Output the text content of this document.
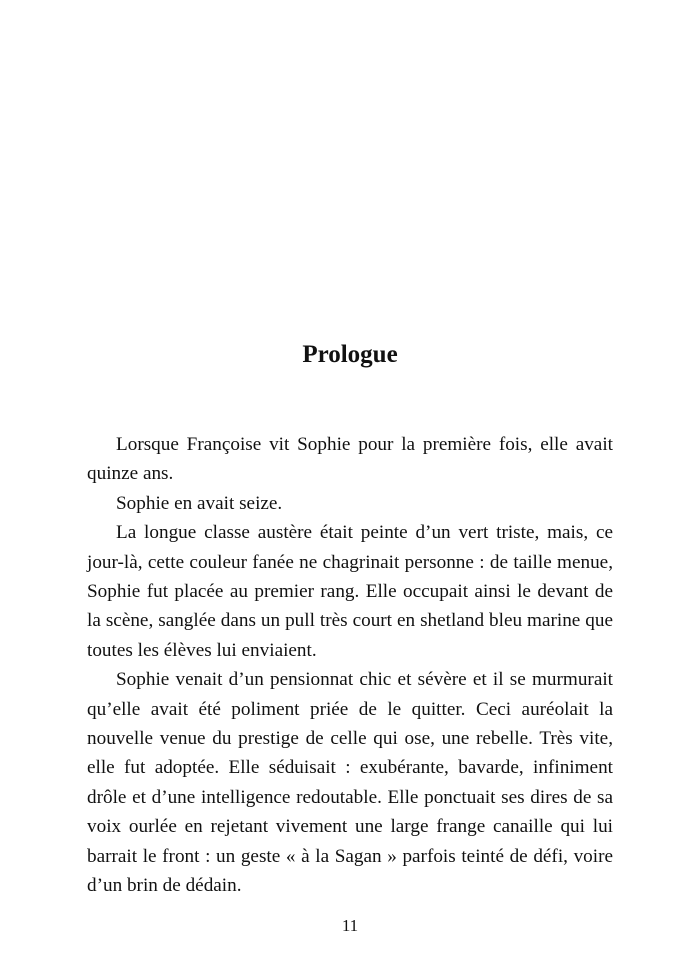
Prologue

Lorsque Françoise vit Sophie pour la première fois, elle avait quinze ans.

Sophie en avait seize.

La longue classe austère était peinte d’un vert triste, mais, ce jour-là, cette couleur fanée ne chagrinait personne : de taille menue, Sophie fut placée au premier rang. Elle occupait ainsi le devant de la scène, sanglée dans un pull très court en shetland bleu marine que toutes les élèves lui enviaient.

Sophie venait d’un pensionnat chic et sévère et il se murmurait qu’elle avait été poliment priée de le quitter. Ceci auréolait la nouvelle venue du prestige de celle qui ose, une rebelle. Très vite, elle fut adoptée. Elle séduisait : exubérante, bavarde, infiniment drôle et d’une intelligence redoutable. Elle ponctuait ses dires de sa voix ourlée en rejetant vivement une large frange canaille qui lui barrait le front : un geste « à la Sagan » parfois teinté de défi, voire d’un brin de dédain.

11
